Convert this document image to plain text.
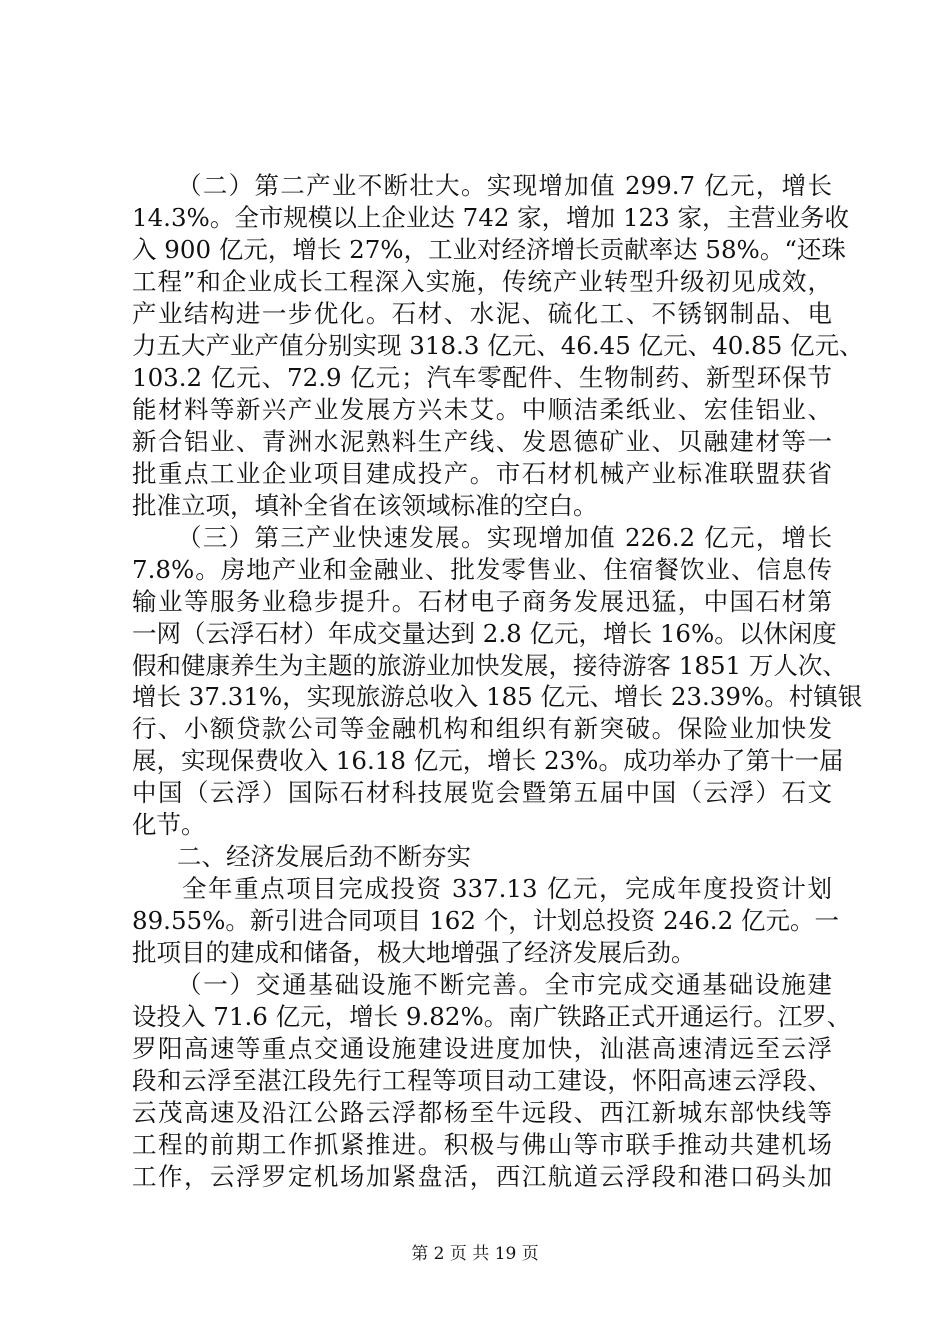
（二）第二产业不断壮大。实现增加值 299.7 亿元，增长
14.3%。全市规模以上企业达 742 家，增加 123 家，主营业务收
入 900 亿元，增长 27%，工业对经济增长贡献率达 58%。“还珠
工程”和企业成长工程深入实施，传统产业转型升级初见成效，
产业结构进一步优化。石材、水泥、硫化工、不锈钢制品、电
力五大产业产值分别实现 318.3 亿元、46.45 亿元、40.85 亿元、
103.2 亿元、72.9 亿元；汽车零配件、生物制药、新型环保节
能材料等新兴产业发展方兴未艾。中顺洁柔纸业、宏佳铝业、
新合铝业、青洲水泥熟料生产线、发恩德矿业、贝融建材等一
批重点工业企业项目建成投产。市石材机械产业标准联盟获省
批准立项，填补全省在该领域标准的空白。
（三）第三产业快速发展。实现增加值 226.2 亿元，增长
7.8%。房地产业和金融业、批发零售业、住宿餐饮业、信息传
输业等服务业稳步提升。石材电子商务发展迅猛，中国石材第
一网（云浮石材）年成交量达到 2.8 亿元，增长 16%。以休闲度
假和健康养生为主题的旅游业加快发展，接待游客 1851 万人次、
增长 37.31%，实现旅游总收入 185 亿元、增长 23.39%。村镇银
行、小额贷款公司等金融机构和组织有新突破。保险业加快发
展，实现保费收入 16.18 亿元，增长 23%。成功举办了第十一届
中国（云浮）国际石材科技展览会暨第五届中国（云浮）石文
化节。
二、经济发展后劲不断夯实
全年重点项目完成投资 337.13 亿元，完成年度投资计划
89.55%。新引进合同项目 162 个，计划总投资 246.2 亿元。一
批项目的建成和储备，极大地增强了经济发展后劲。
（一）交通基础设施不断完善。全市完成交通基础设施建
设投入 71.6 亿元，增长 9.82%。南广铁路正式开通运行。江罗、
罗阳高速等重点交通设施建设进度加快，汕湛高速清远至云浮
段和云浮至湛江段先行工程等项目动工建设，怀阳高速云浮段、
云茂高速及沿江公路云浮都杨至牛远段、西江新城东部快线等
工程的前期工作抓紧推进。积极与佛山等市联手推动共建机场
工作，云浮罗定机场加紧盘活，西江航道云浮段和港口码头加
第 2 页 共 19 页
